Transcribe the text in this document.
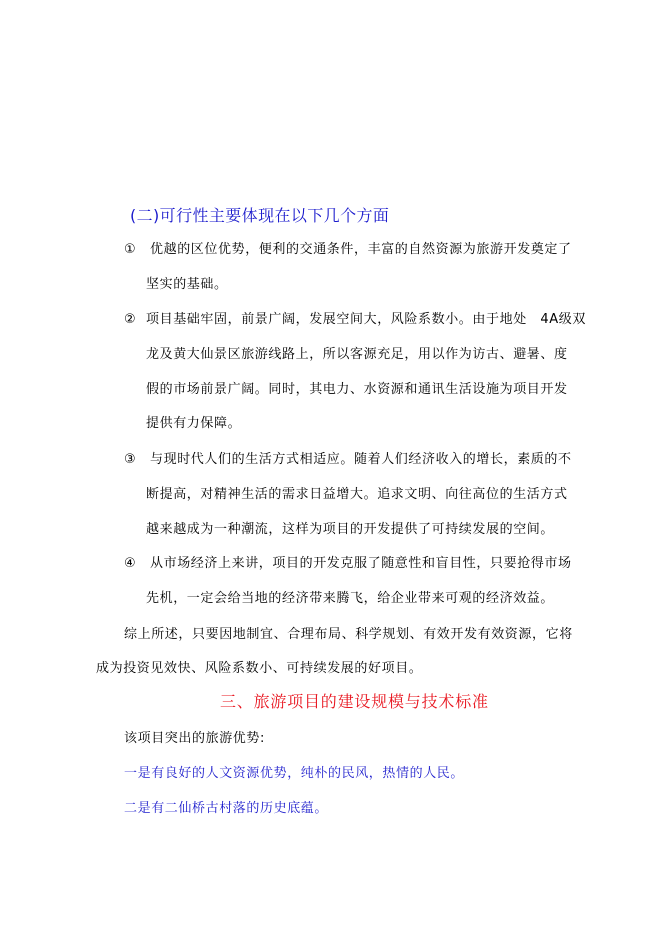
(二)可行性主要体现在以下几个方面
① 优越的区位优势，便利的交通条件，丰富的自然资源为旅游开发奠定了
坚实的基础。
② 项目基础牢固，前景广阔，发展空间大，风险系数小。由于地处　4A级双
龙及黄大仙景区旅游线路上，所以客源充足，用以作为访古、避暑、度
假的市场前景广阔。同时，其电力、水资源和通讯生活设施为项目开发
提供有力保障。
③ 与现时代人们的生活方式相适应。随着人们经济收入的增长，素质的不
断提高，对精神生活的需求日益增大。追求文明、向往高位的生活方式
越来越成为一种潮流，这样为项目的开发提供了可持续发展的空间。
④ 从市场经济上来讲，项目的开发克服了随意性和盲目性，只要抢得市场
先机，一定会给当地的经济带来腾飞，给企业带来可观的经济效益。
综上所述，只要因地制宜、合理布局、科学规划、有效开发有效资源，它将
成为投资见效快、风险系数小、可持续发展的好项目。
三、旅游项目的建设规模与技术标准
该项目突出的旅游优势:
一是有良好的人文资源优势，纯朴的民风，热情的人民。
二是有二仙桥古村落的历史底蕴。
